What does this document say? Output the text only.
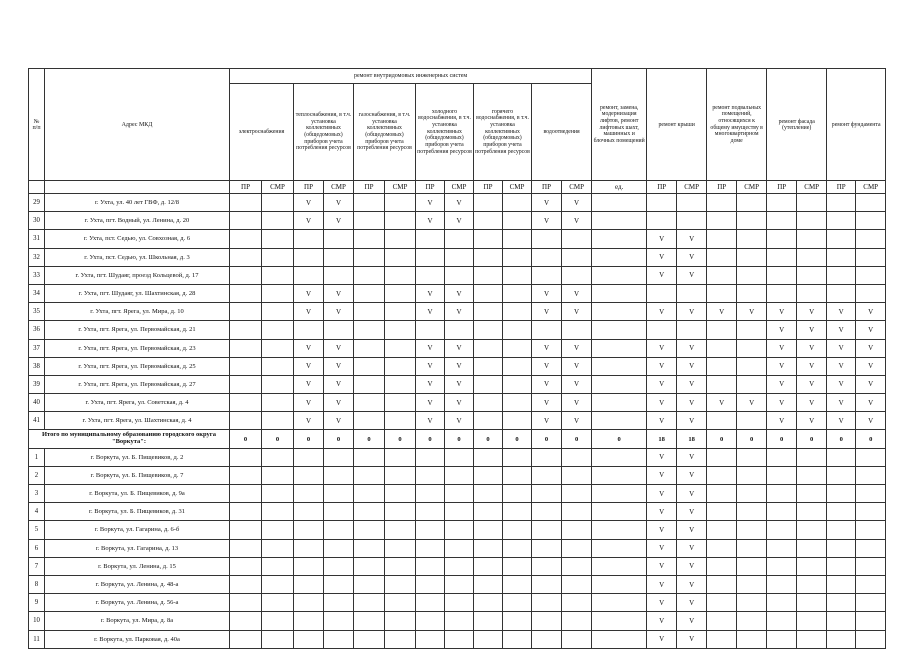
№
п/п	Адрес МКД	ремонт внутридомовых инженерных систем												ремонт, замена, модернизация лифтов, ремонт лифтовых шахт, машинных и блочных помещений	ремонт крыши		ремонт подвальных помещений, относящихся к общему имуществу в многоквартирном доме		ремонт фасада (утепление)		ремонт фундамента	
		электроснабжения		теплоснабжения, в т.ч. установка коллективных (общедомовых) приборов учета потребления ресурсов		газоснабжения, в т.ч. установка коллективных (общедомовых) приборов учета потребления ресурсов		холодного водоснабжения, в т.ч. установка коллективных (общедомовых) приборов учета потребления ресурсов		горячего водоснабжения, в т.ч. установка коллективных (общедомовых) приборов учета потребления ресурсов		водоотведения										
		ПР	СМР	ПР	СМР	ПР	СМР	ПР	СМР	ПР	СМР	ПР	СМР	ед.	ПР	СМР	ПР	СМР	ПР	СМР	ПР	СМР
29	г. Ухта, ул. 40 лет ГВФ, д. 12/8			V	V			V	V			V	V									
30	г. Ухта, пгт. Водный, ул. Ленина, д. 20			V	V			V	V			V	V									
31	г. Ухта, пст. Седью, ул. Совхозная, д. 6														V	V						
32	г. Ухта, пст. Седью, ул. Школьная, д. 3														V	V						
33	г. Ухта, пгт. Шудаяг, проезд Кольцевой, д. 17														V	V						
34	г. Ухта, пгт. Шудаяг, ул. Шахтинская, д. 28			V	V			V	V			V	V									
35	г. Ухта, пгт. Ярега, ул. Мира, д. 10			V	V			V	V			V	V		V	V	V	V	V	V	V	V
36	г. Ухта, пгт. Ярега, ул. Первомайская, д. 21																		V	V	V	V
37	г. Ухта, пгт. Ярега, ул. Первомайская, д. 23			V	V			V	V			V	V		V	V			V	V	V	V
38	г. Ухта, пгт. Ярега, ул. Первомайская, д. 25			V	V			V	V			V	V		V	V			V	V	V	V
39	г. Ухта, пгт. Ярега, ул. Первомайская, д. 27			V	V			V	V			V	V		V	V			V	V	V	V
40	г. Ухта, пгт. Ярега, ул. Советская, д. 4			V	V			V	V			V	V		V	V	V	V	V	V	V	V
41	г. Ухта, пгт. Ярега, ул. Шахтинская, д. 4			V	V			V	V			V	V		V	V			V	V	V	V
Итого по муниципальному образованию городского округа "Воркута":		0	0	0	0	0	0	0	0	0	0	0	0	0	18	18	0	0	0	0	0	0
1	г. Воркута, ул. Б. Пищевиков, д. 2														V	V						
2	г. Воркута, ул. Б. Пищевиков, д. 7														V	V						
3	г. Воркута, ул. Б. Пищевиков, д. 9а														V	V						
4	г. Воркута, ул. Б. Пищевиков, д. 31														V	V						
5	г. Воркута, ул. Гагарина, д. 6-б														V	V						
6	г. Воркута, ул. Гагарина, д. 13														V	V						
7	г. Воркута, ул. Ленина, д. 15														V	V						
8	г. Воркута, ул. Ленина, д. 48-а														V	V						
9	г. Воркута, ул. Ленина, д. 56-а														V	V						
10	г. Воркута, ул. Мира, д. 8а														V	V						
11	г. Воркута, ул. Парковая, д. 40а														V	V						
